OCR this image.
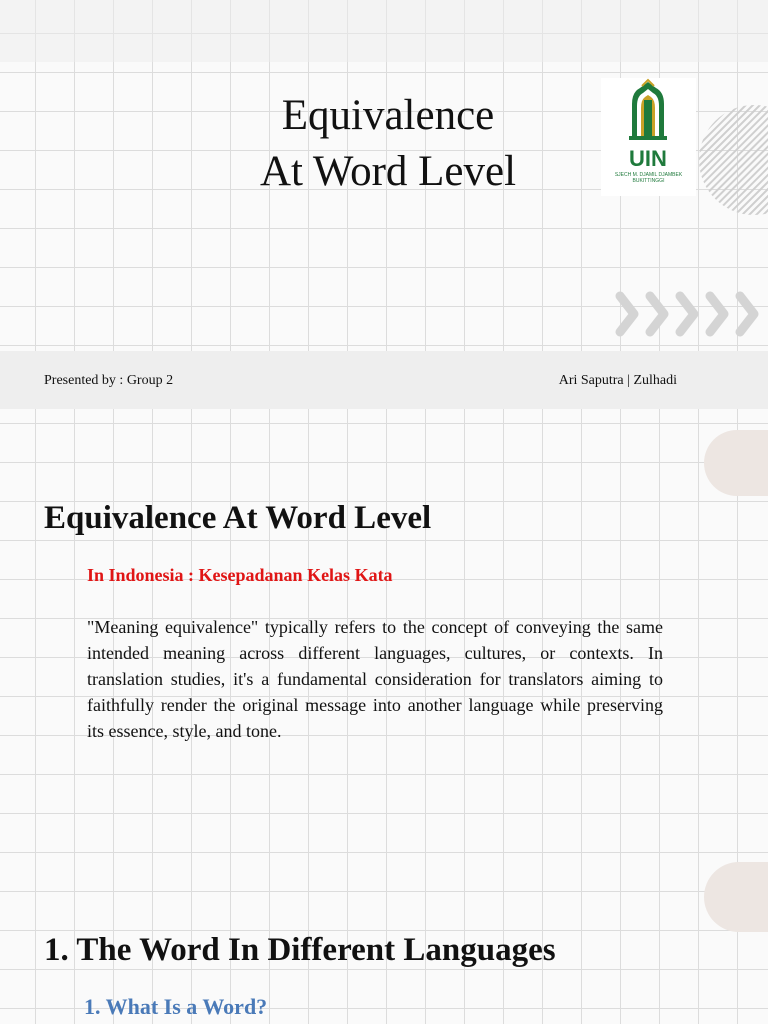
Equivalence
At Word Level	UIN
SJECH M. DJAMIL DJAMBEK
BUKITTINGGI
Presented by : Group 2	Ari Saputra | Zulhadi
Equivalence At Word Level

In Indonesia : Kesepadanan Kelas Kata

"Meaning equivalence" typically refers to the concept of conveying the same intended meaning across different languages, cultures, or contexts. In translation studies, it's a fundamental consideration for translators aiming to faithfully render the original message into another language while preserving its essence, style, and tone.

1. The Word In Different Languages
1. What Is a Word?
